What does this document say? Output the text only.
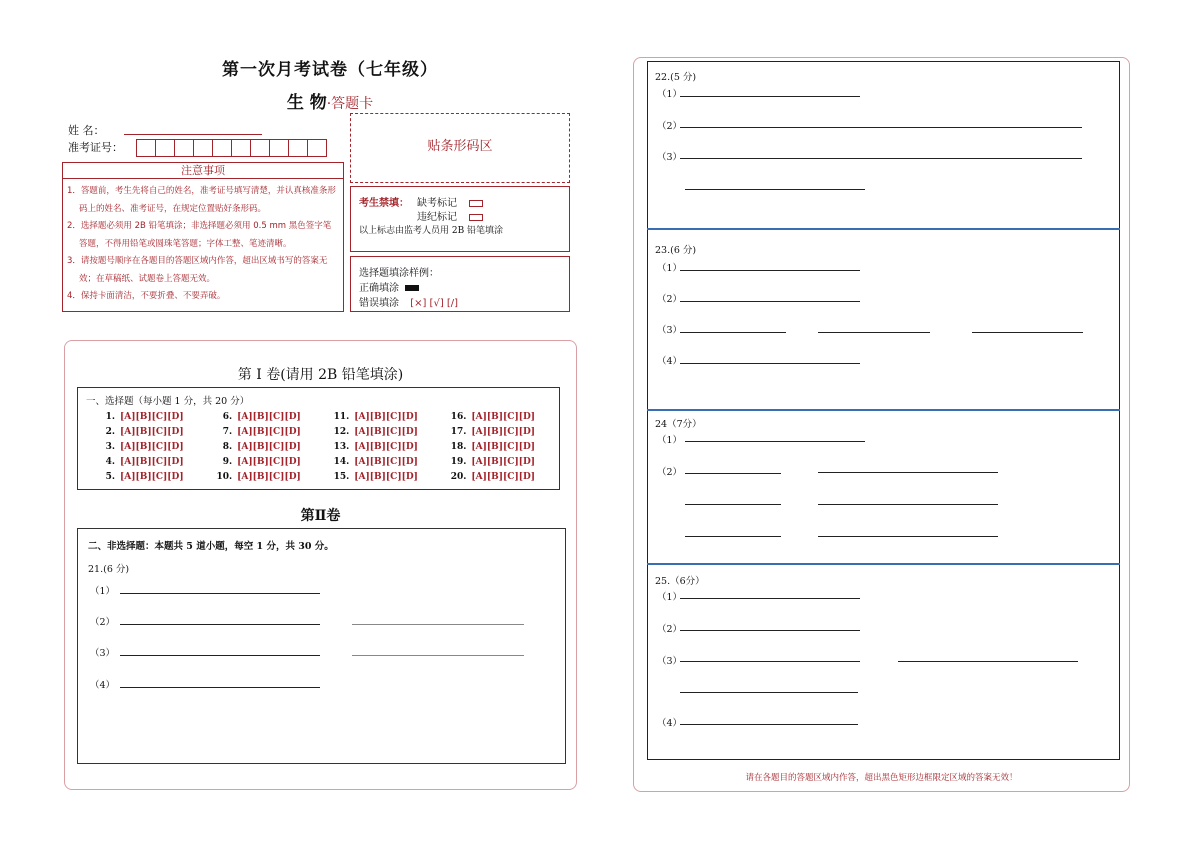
第一次月考试卷（七年级）
生 物·答题卡
姓 名：
准考证号：
注意事项
1．答题前，考生先将自己的姓名，准考证号填写清楚，并认真核准条形码上的姓名、准考证号，在规定位置贴好条形码。
2．选择题必须用 2B 铅笔填涂；非选择题必须用 0.5 mm 黑色签字笔答题，不得用铅笔或圆珠笔答题；字体工整、笔迹清晰。
3．请按题号顺序在各题目的答题区域内作答，超出区域书写的答案无效；在草稿纸、试题卷上答题无效。
4．保持卡面清洁，不要折叠、不要弄破。
贴条形码区
考生禁填： 缺考标记
违纪标记
以上标志由监考人员用 2B 铅笔填涂
选择题填涂样例：
正确填涂
错误填涂 [×] [√] [/]
第 I 卷(请用 2B 铅笔填涂)
一、选择题（每小题 1 分，共 20 分）
1. [A][B][C][D]	6. [A][B][C][D]	11. [A][B][C][D]	16. [A][B][C][D]
2. [A][B][C][D]	7. [A][B][C][D]	12. [A][B][C][D]	17. [A][B][C][D]
3. [A][B][C][D]	8. [A][B][C][D]	13. [A][B][C][D]	18. [A][B][C][D]
4. [A][B][C][D]	9. [A][B][C][D]	14. [A][B][C][D]	19. [A][B][C][D]
5. [A][B][C][D]	10. [A][B][C][D]	15. [A][B][C][D]	20. [A][B][C][D]
第Ⅱ卷
二、非选择题：本题共 5 道小题，每空 1 分，共 30 分。
21.(6 分)
（1）
（2）
（3）
（4）
22.(5 分)
（1）
（2）
（3）
23.(6 分)
（1）
（2）
（3）
（4）
24（7分）
（1）
（2）
25.（6分）
（1）
（2）
（3）
（4）
请在各题目的答题区域内作答，超出黑色矩形边框限定区域的答案无效！
